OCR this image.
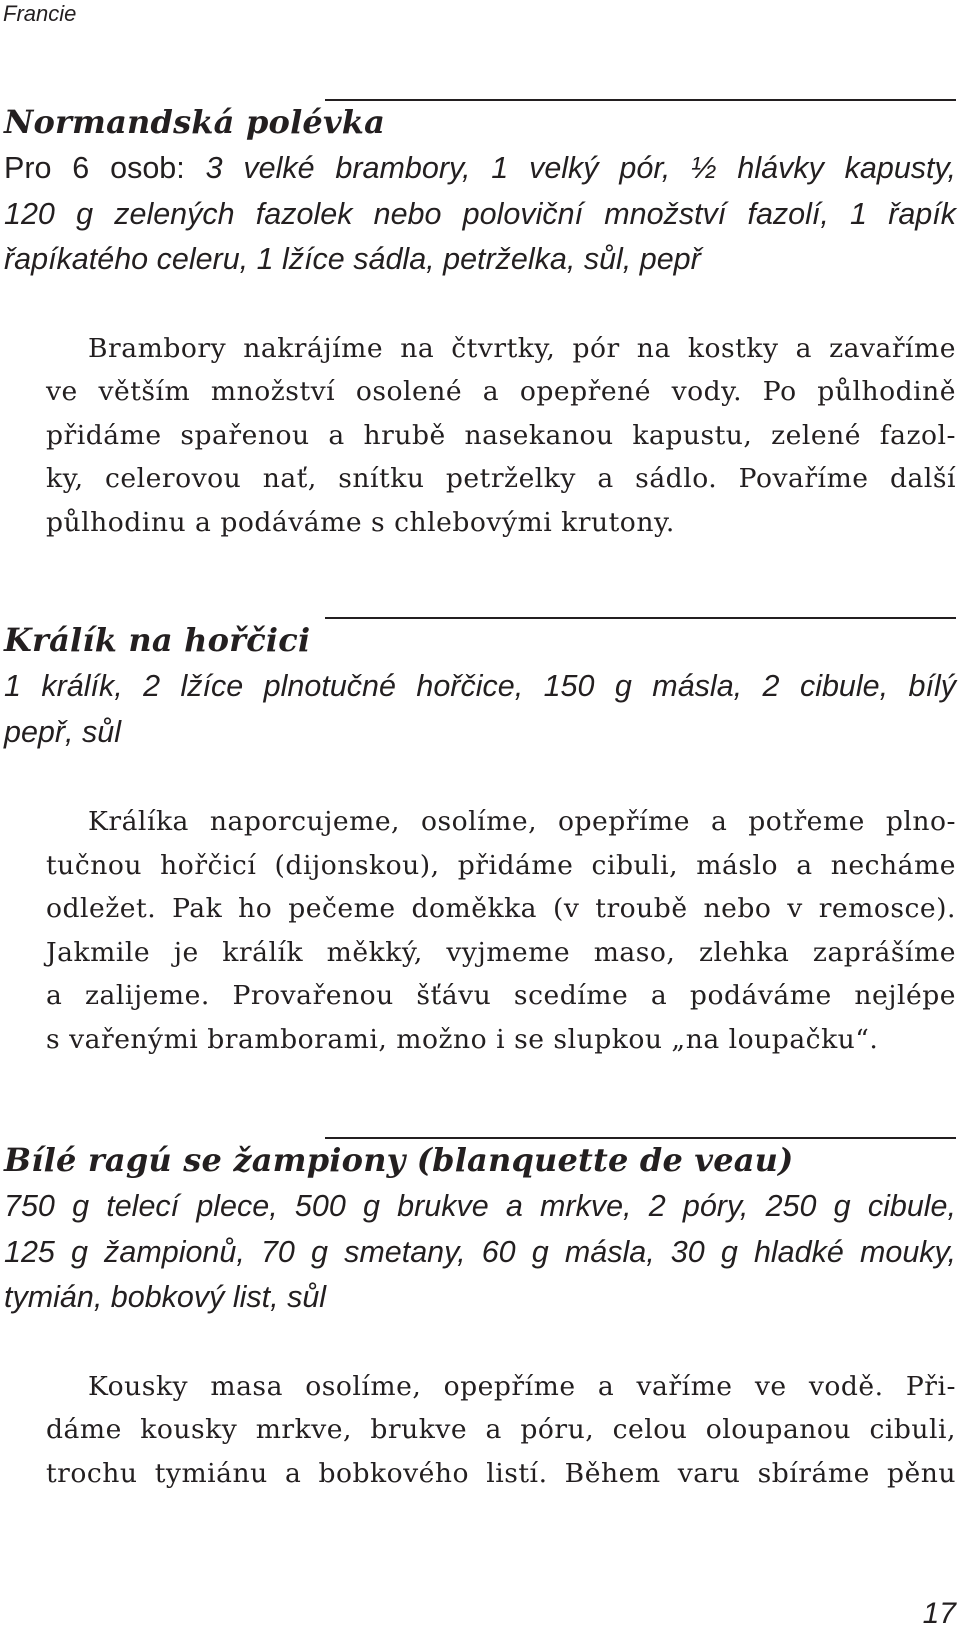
Francie
Normandská polévka

Pro 6 osob: 3 velké brambory, 1 velký pór, ½ hlávky kapusty,
120 g zelených fazolek nebo poloviční množství fazolí, 1 řapík
řapíkatého celeru, 1 lžíce sádla, petrželka, sůl, pepř

Brambory nakrájíme na čtvrtky, pór na kostky a zavaříme
ve větším množství osolené a opepřené vody. Po půlhodině
přidáme spařenou a hrubě nasekanou kapustu, zelené fazol-
ky, celerovou nať, snítku petrželky a sádlo. Povaříme další
půlhodinu a podáváme s chlebovými krutony.

Králík na hořčici

1 králík, 2 lžíce plnotučné hořčice, 150 g másla, 2 cibule, bílý
pepř, sůl

Králíka naporcujeme, osolíme, opepříme a potřeme plno-
tučnou hořčicí (dijonskou), přidáme cibuli, máslo a necháme
odležet. Pak ho pečeme doměkka (v troubě nebo v remosce).
Jakmile je králík měkký, vyjmeme maso, zlehka zaprášíme
a zalijeme. Provařenou šťávu scedíme a podáváme nejlépe
s vařenými bramborami, možno i se slupkou „na loupačku“.

Bílé ragú se žampiony (blanquette de veau)

750 g telecí plece, 500 g brukve a mrkve, 2 póry, 250 g cibule,
125 g žampionů, 70 g smetany, 60 g másla, 30 g hladké mouky,
tymián, bobkový list, sůl

Kousky masa osolíme, opepříme a vaříme ve vodě. Při-
dáme kousky mrkve, brukve a póru, celou oloupanou cibuli,
trochu tymiánu a bobkového listí. Během varu sbíráme pěnu

17
